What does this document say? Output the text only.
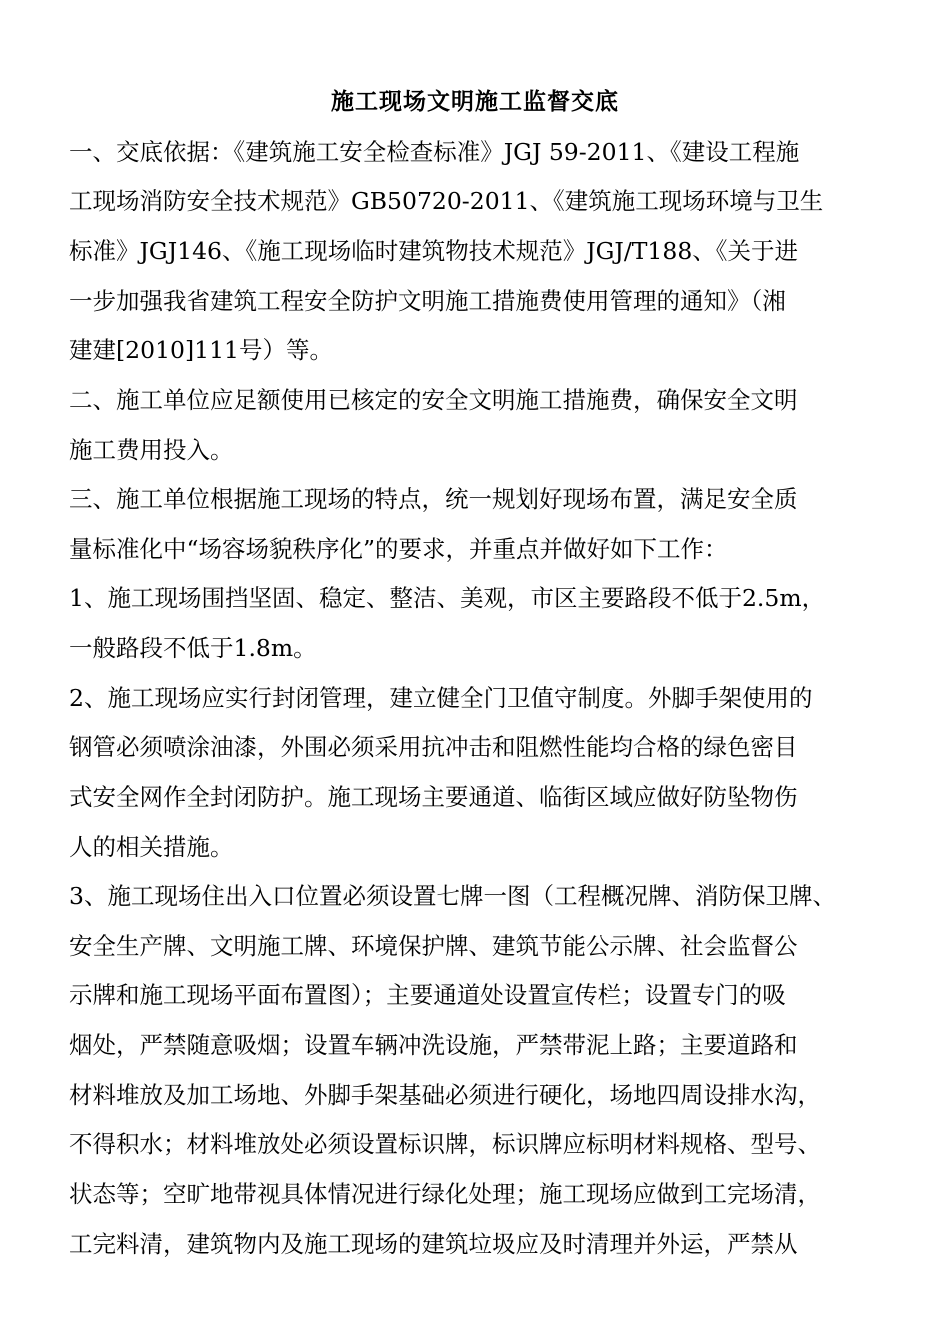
施工现场文明施工监督交底
一、交底依据：《建筑施工安全检查标准》JGJ 59-2011、《建设工程施
工现场消防安全技术规范》GB50720-2011、《建筑施工现场环境与卫生
标准》JGJ146、《施工现场临时建筑物技术规范》JGJ/T188、《关于进
一步加强我省建筑工程安全防护文明施工措施费使用管理的通知》（湘
建建[2010]111号）等。
二、施工单位应足额使用已核定的安全文明施工措施费，确保安全文明
施工费用投入。
三、施工单位根据施工现场的特点，统一规划好现场布置，满足安全质
量标准化中“场容场貌秩序化”的要求，并重点并做好如下工作：
1、施工现场围挡坚固、稳定、整洁、美观，市区主要路段不低于2.5m，
一般路段不低于1.8m。
2、施工现场应实行封闭管理，建立健全门卫值守制度。外脚手架使用的
钢管必须喷涂油漆，外围必须采用抗冲击和阻燃性能均合格的绿色密目
式安全网作全封闭防护。施工现场主要通道、临街区域应做好防坠物伤
人的相关措施。
3、施工现场住出入口位置必须设置七牌一图（工程概况牌、消防保卫牌、
安全生产牌、文明施工牌、环境保护牌、建筑节能公示牌、社会监督公
示牌和施工现场平面布置图）；主要通道处设置宣传栏；设置专门的吸
烟处，严禁随意吸烟；设置车辆冲洗设施，严禁带泥上路；主要道路和
材料堆放及加工场地、外脚手架基础必须进行硬化，场地四周设排水沟，
不得积水；材料堆放处必须设置标识牌，标识牌应标明材料规格、型号、
状态等；空旷地带视具体情况进行绿化处理；施工现场应做到工完场清，
工完料清，建筑物内及施工现场的建筑垃圾应及时清理并外运，严禁从
